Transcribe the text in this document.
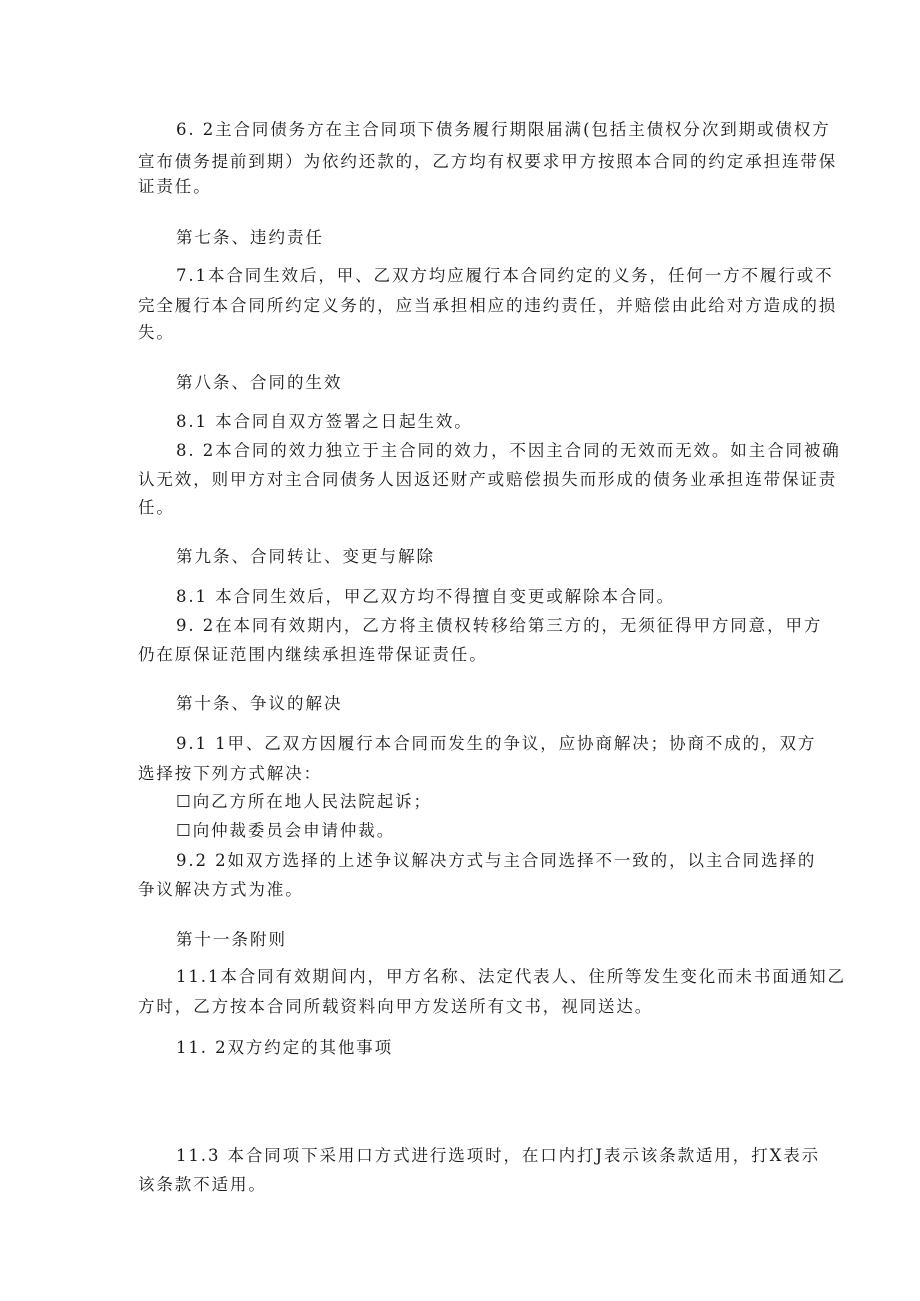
6. 2主合同债务方在主合同项下债务履行期限届满(包括主债权分次到期或债权方
宣布债务提前到期）为依约还款的，乙方均有权要求甲方按照本合同的约定承担连带保
证责任。
第七条、违约责任
7.1本合同生效后，甲、乙双方均应履行本合同约定的义务，任何一方不履行或不
完全履行本合同所约定义务的，应当承担相应的违约责任，并赔偿由此给对方造成的损
失。
第八条、合同的生效
8.1 本合同自双方签署之日起生效。
8. 2本合同的效力独立于主合同的效力，不因主合同的无效而无效。如主合同被确
认无效，则甲方对主合同债务人因返还财产或赔偿损失而形成的债务业承担连带保证责
任。
第九条、合同转让、变更与解除
8.1 本合同生效后，甲乙双方均不得擅自变更或解除本合同。
9. 2在本同有效期内，乙方将主债权转移给第三方的，无须征得甲方同意，甲方
仍在原保证范围内继续承担连带保证责任。
第十条、争议的解决
9.1 1甲、乙双方因履行本合同而发生的争议，应协商解决；协商不成的，双方
选择按下列方式解决：
☐向乙方所在地人民法院起诉；
☐向仲裁委员会申请仲裁。
9.2 2如双方选择的上述争议解决方式与主合同选择不一致的，以主合同选择的
争议解决方式为准。
第十一条附则
11.1本合同有效期间内，甲方名称、法定代表人、住所等发生变化而未书面通知乙
方时，乙方按本合同所载资料向甲方发送所有文书，视同送达。
11. 2双方约定的其他事项
11.3 本合同项下采用口方式进行选项时，在口内打J表示该条款适用，打X表示
该条款不适用。
